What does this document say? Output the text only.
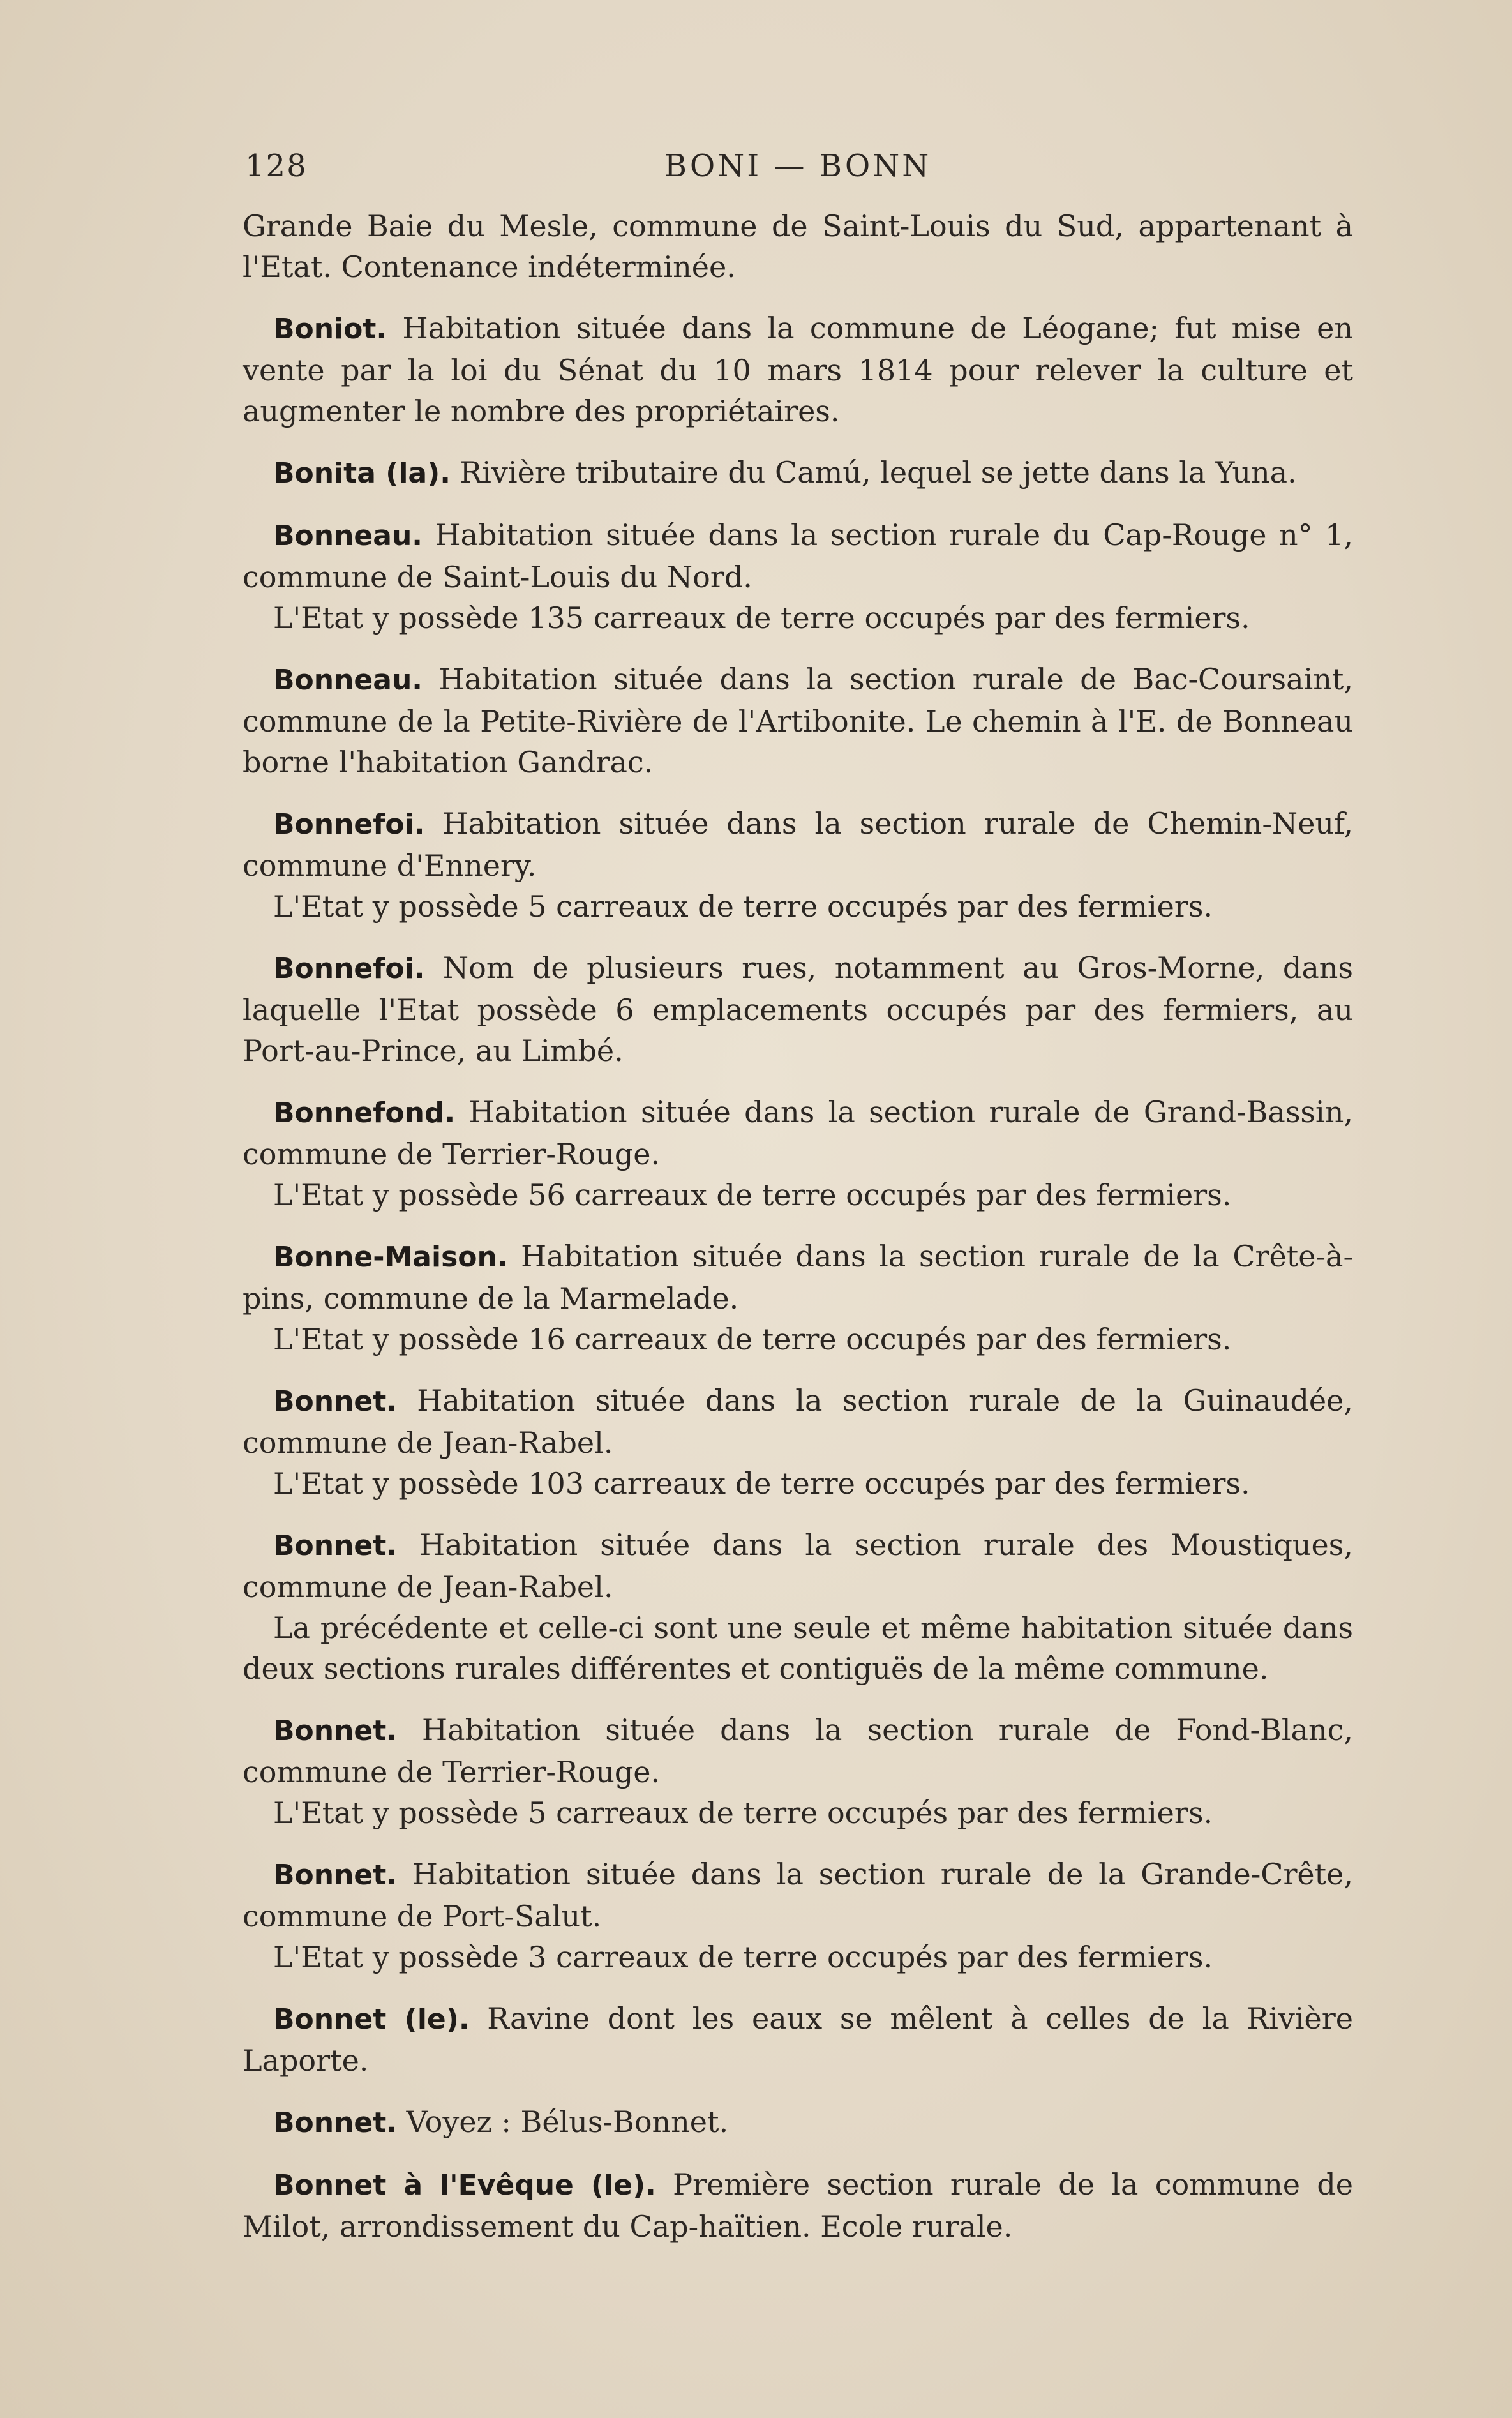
128	BONI — BONN

Grande Baie du Mesle, commune de Saint-Louis du Sud, appartenant à l'Etat. Contenance indéterminée.

Boniot. Habitation située dans la commune de Léogane; fut mise en vente par la loi du Sénat du 10 mars 1814 pour relever la culture et augmenter le nombre des propriétaires.

Bonita (la). Rivière tributaire du Camú, lequel se jette dans la Yuna.

Bonneau. Habitation située dans la section rurale du Cap-Rouge n° 1, commune de Saint-Louis du Nord.

L'Etat y possède 135 carreaux de terre occupés par des fermiers.

Bonneau. Habitation située dans la section rurale de Bac-Coursaint, commune de la Petite-Rivière de l'Artibonite. Le chemin à l'E. de Bonneau borne l'habitation Gandrac.

Bonnefoi. Habitation située dans la section rurale de Chemin-Neuf, commune d'Ennery.

L'Etat y possède 5 carreaux de terre occupés par des fermiers.

Bonnefoi. Nom de plusieurs rues, notamment au Gros-Morne, dans laquelle l'Etat possède 6 emplacements occupés par des fermiers, au Port-au-Prince, au Limbé.

Bonnefond. Habitation située dans la section rurale de Grand-Bassin, commune de Terrier-Rouge.

L'Etat y possède 56 carreaux de terre occupés par des fermiers.

Bonne-Maison. Habitation située dans la section rurale de la Crête-à-pins, commune de la Marmelade.

L'Etat y possède 16 carreaux de terre occupés par des fermiers.

Bonnet. Habitation située dans la section rurale de la Guinaudée, commune de Jean-Rabel.

L'Etat y possède 103 carreaux de terre occupés par des fermiers.

Bonnet. Habitation située dans la section rurale des Moustiques, commune de Jean-Rabel.

La précédente et celle-ci sont une seule et même habitation située dans deux sections rurales différentes et contiguës de la même commune.

Bonnet. Habitation située dans la section rurale de Fond-Blanc, commune de Terrier-Rouge.

L'Etat y possède 5 carreaux de terre occupés par des fermiers.

Bonnet. Habitation située dans la section rurale de la Grande-Crête, commune de Port-Salut.

L'Etat y possède 3 carreaux de terre occupés par des fermiers.

Bonnet (le). Ravine dont les eaux se mêlent à celles de la Rivière Laporte.

Bonnet. Voyez : Bélus-Bonnet.

Bonnet à l'Evêque (le). Première section rurale de la commune de Milot, arrondissement du Cap-haïtien. Ecole rurale.
